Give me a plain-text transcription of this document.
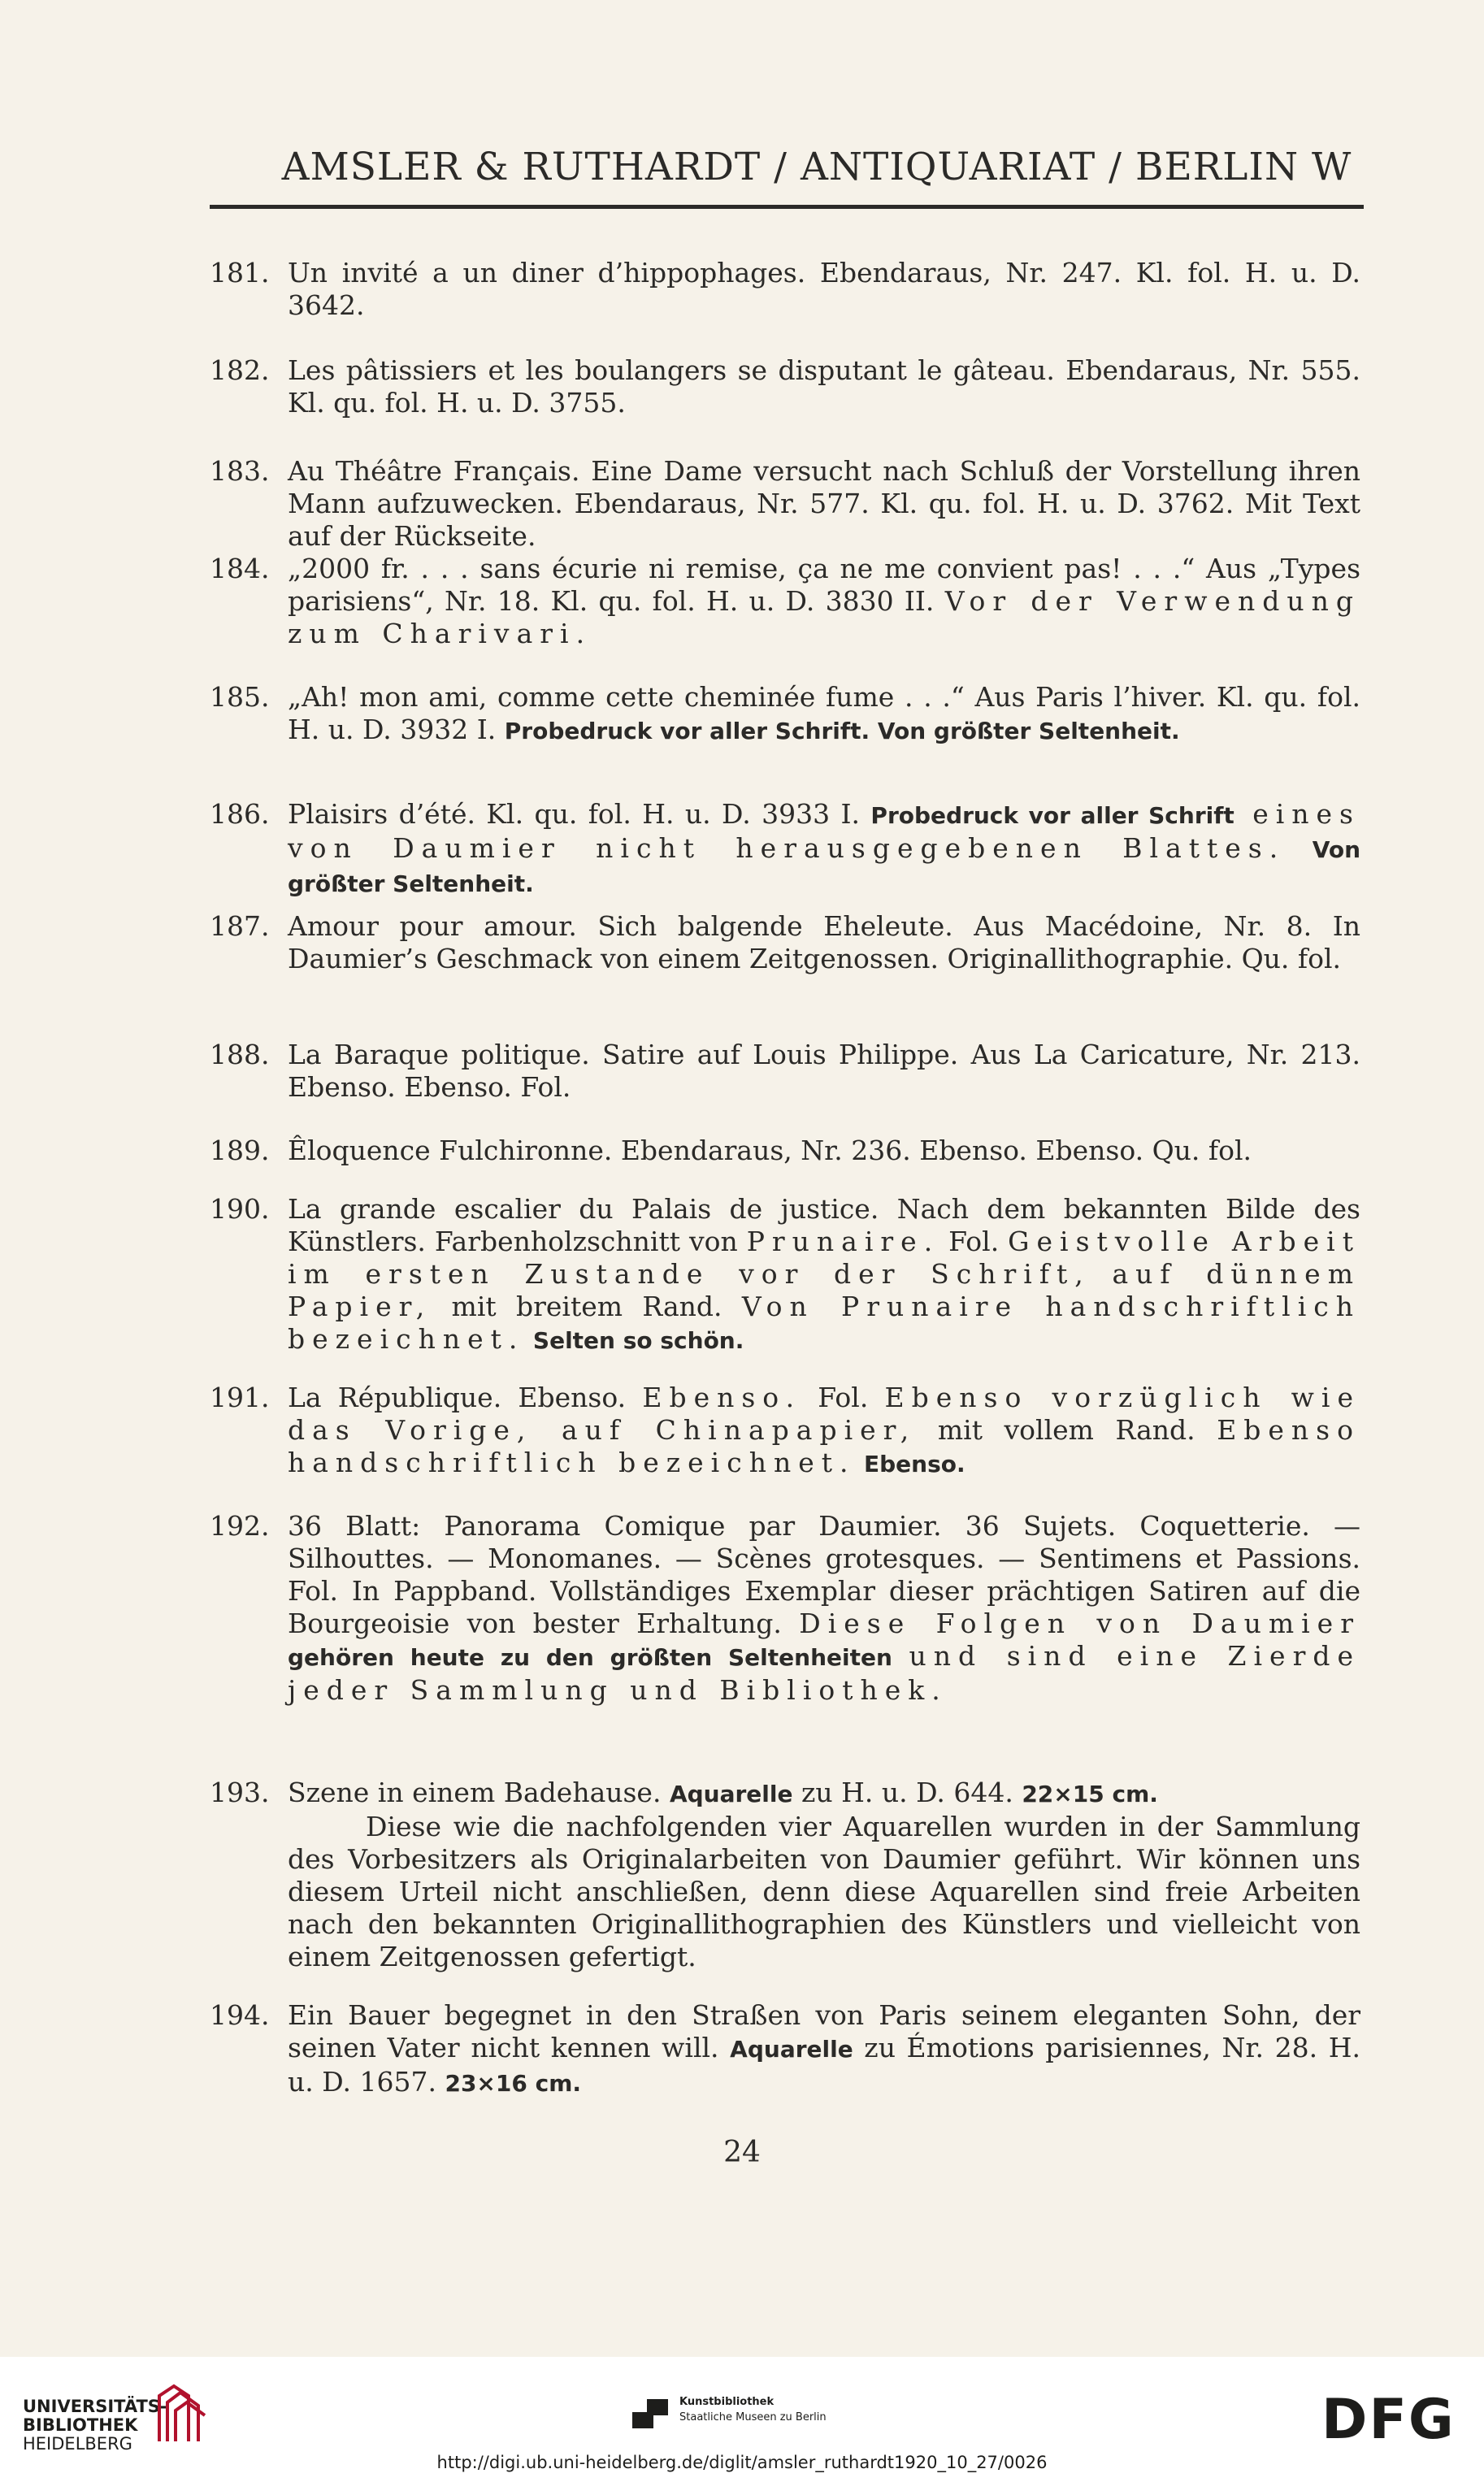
AMSLER & RUTHARDT / ANTIQUARIAT / BERLIN W
181. Un invité a un diner d’hippophages. Ebendaraus, Nr. 247. Kl. fol. H. u. D. 3642.
182. Les pâtissiers et les boulangers se disputant le gâteau. Ebendaraus, Nr. 555. Kl. qu. fol. H. u. D. 3755.
183. Au Théâtre Français. Eine Dame versucht nach Schluß der Vorstellung ihren Mann aufzuwecken. Ebendaraus, Nr. 577. Kl. qu. fol. H. u. D. 3762. Mit Text auf der Rückseite.
184. „2000 fr. . . . sans écurie ni remise, ça ne me convient pas! . . .“ Aus „Types parisiens“, Nr. 18. Kl. qu. fol. H. u. D. 3830 II. Vor der Verwendung zum Charivari.
185. „Ah! mon ami, comme cette cheminée fume . . .“ Aus Paris l’hiver. Kl. qu. fol. H. u. D. 3932 I. Probedruck vor aller Schrift. Von größter Seltenheit.
186. Plaisirs d’été. Kl. qu. fol. H. u. D. 3933 I. Probedruck vor aller Schrift eines von Daumier nicht herausgegebenen Blattes. Von größter Seltenheit.
187. Amour pour amour. Sich balgende Eheleute. Aus Macédoine, Nr. 8. In Daumier’s Geschmack von einem Zeitgenossen. Originallithographie. Qu. fol.
188. La Baraque politique. Satire auf Louis Philippe. Aus La Caricature, Nr. 213. Ebenso. Ebenso. Fol.
189. Êloquence Fulchironne. Ebendaraus, Nr. 236. Ebenso. Ebenso. Qu. fol.
190. La grande escalier du Palais de justice. Nach dem bekannten Bilde des Künstlers. Farbenholzschnitt von Prunaire. Fol. Geistvolle Arbeit im ersten Zustande vor der Schrift, auf dünnem Papier, mit breitem Rand. Von Prunaire handschriftlich bezeichnet. Selten so schön.
191. La République. Ebenso. Ebenso. Fol. Ebenso vorzüglich wie das Vorige, auf Chinapapier, mit vollem Rand. Ebenso handschriftlich bezeichnet. Ebenso.
192. 36 Blatt: Panorama Comique par Daumier. 36 Sujets. Coquetterie. — Silhouttes. — Monomanes. — Scènes grotesques. — Sentimens et Passions. Fol. In Pappband. Vollständiges Exemplar dieser prächtigen Satiren auf die Bourgeoisie von bester Erhaltung. Diese Folgen von Daumier gehören heute zu den größten Seltenheiten und sind eine Zierde jeder Sammlung und Bibliothek.
193. Szene in einem Badehause. Aquarelle zu H. u. D. 644. 22×15 cm.
Diese wie die nachfolgenden vier Aquarellen wurden in der Sammlung des Vorbesitzers als Originalarbeiten von Daumier geführt. Wir können uns diesem Urteil nicht anschließen, denn diese Aquarellen sind freie Arbeiten nach den bekannten Originallithographien des Künstlers und vielleicht von einem Zeitgenossen gefertigt.
194. Ein Bauer begegnet in den Straßen von Paris seinem eleganten Sohn, der seinen Vater nicht kennen will. Aquarelle zu Émotions parisiennes, Nr. 28. H. u. D. 1657. 23×16 cm.
24
UNIVERSITÄTS-
BIBLIOTHEK
HEIDELBERG
Kunstbibliothek
Staatliche Museen zu Berlin	DFG
http://digi.ub.uni-heidelberg.de/diglit/amsler_ruthardt1920_10_27/0026
